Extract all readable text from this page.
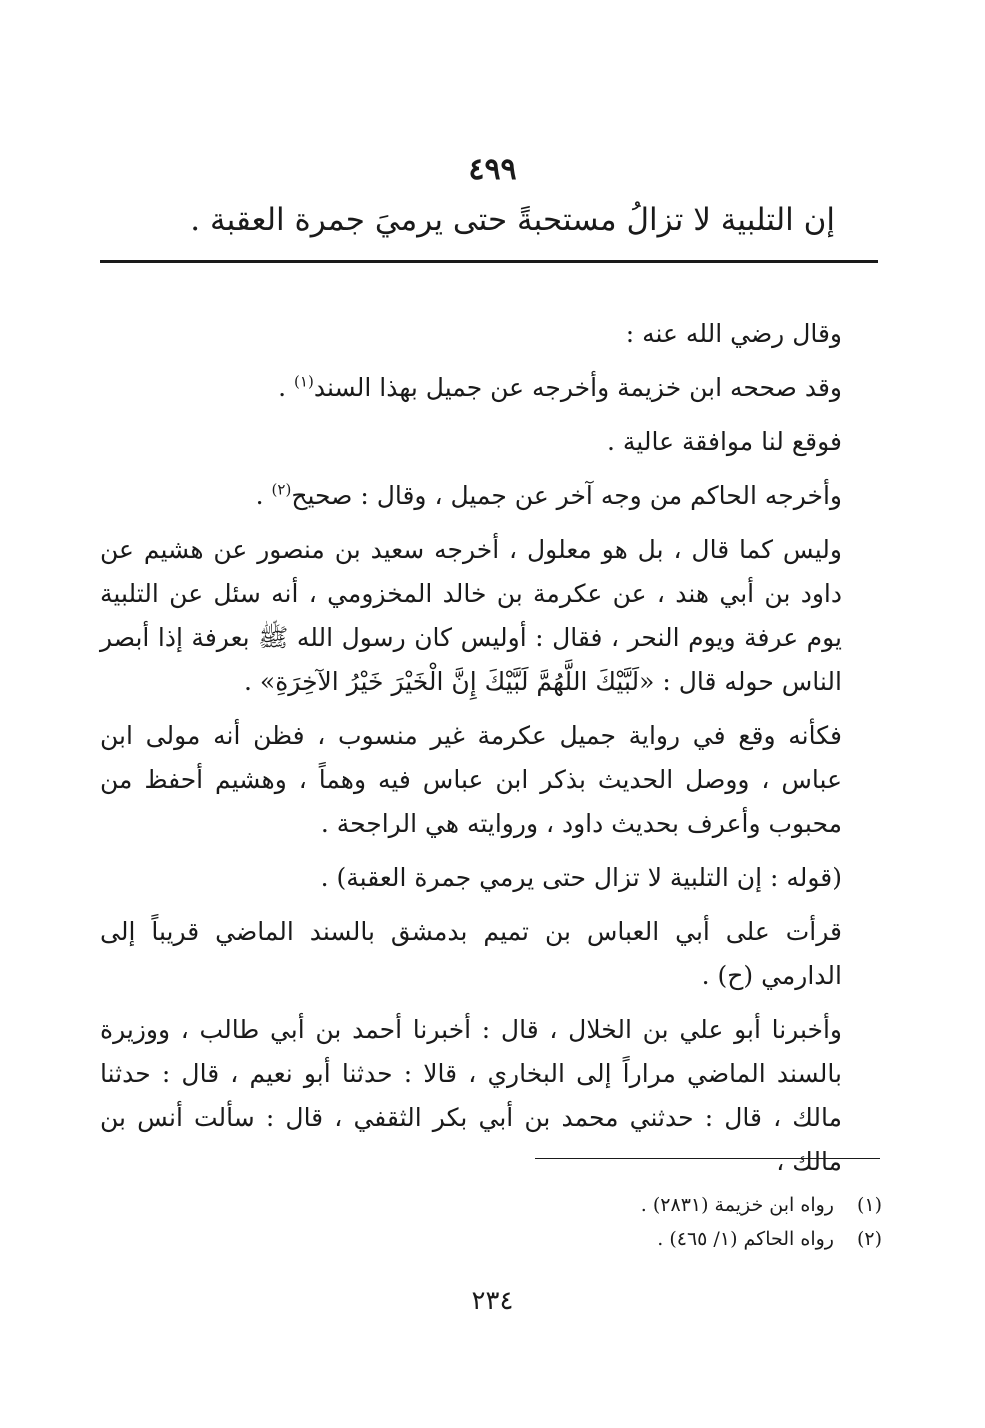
٤٩٩
إن التلبية لا تزالُ مستحبةً حتى يرميَ جمرة العقبة .

وقال رضي الله عنه :

وقد صححه ابن خزيمة وأخرجه عن جميل بهذا السند$^{(١)}$ .

فوقع لنا موافقة عالية .

وأخرجه الحاكم من وجه آخر عن جميل ، وقال : صحيح$^{(٢)}$ .

وليس كما قال ، بل هو معلول ، أخرجه سعيد بن منصور عن هشيم عن داود بن أبي هند ، عن عكرمة بن خالد المخزومي ، أنه سئل عن التلبية يوم عرفة ويوم النحر ، فقال : أوليس كان رسول الله ﷺ بعرفة إذا أبصر الناس حوله قال : «لَبَّيْكَ اللَّهُمَّ لَبَّيْكَ إِنَّ الْخَيْرَ خَيْرُ الآخِرَةِ» .

فكأنه وقع في رواية جميل عكرمة غير منسوب ، فظن أنه مولى ابن عباس ، ووصل الحديث بذكر ابن عباس فيه وهماً ، وهشيم أحفظ من محبوب وأعرف بحديث داود ، وروايته هي الراجحة .

(قوله : إن التلبية لا تزال حتى يرمي جمرة العقبة) .

قرأت على أبي العباس بن تميم بدمشق بالسند الماضي قريباً إلى الدارمي (ح) .

وأخبرنا أبو علي بن الخلال ، قال : أخبرنا أحمد بن أبي طالب ، ووزيرة بالسند الماضي مراراً إلى البخاري ، قالا : حدثنا أبو نعيم ، قال : حدثنا مالك ، قال : حدثني محمد بن أبي بكر الثقفي ، قال : سألت أنس بن مالك ،

(١) رواه ابن خزيمة (٢٨٣١) .
(٢) رواه الحاكم (١/ ٤٦٥) .
٢٣٤
